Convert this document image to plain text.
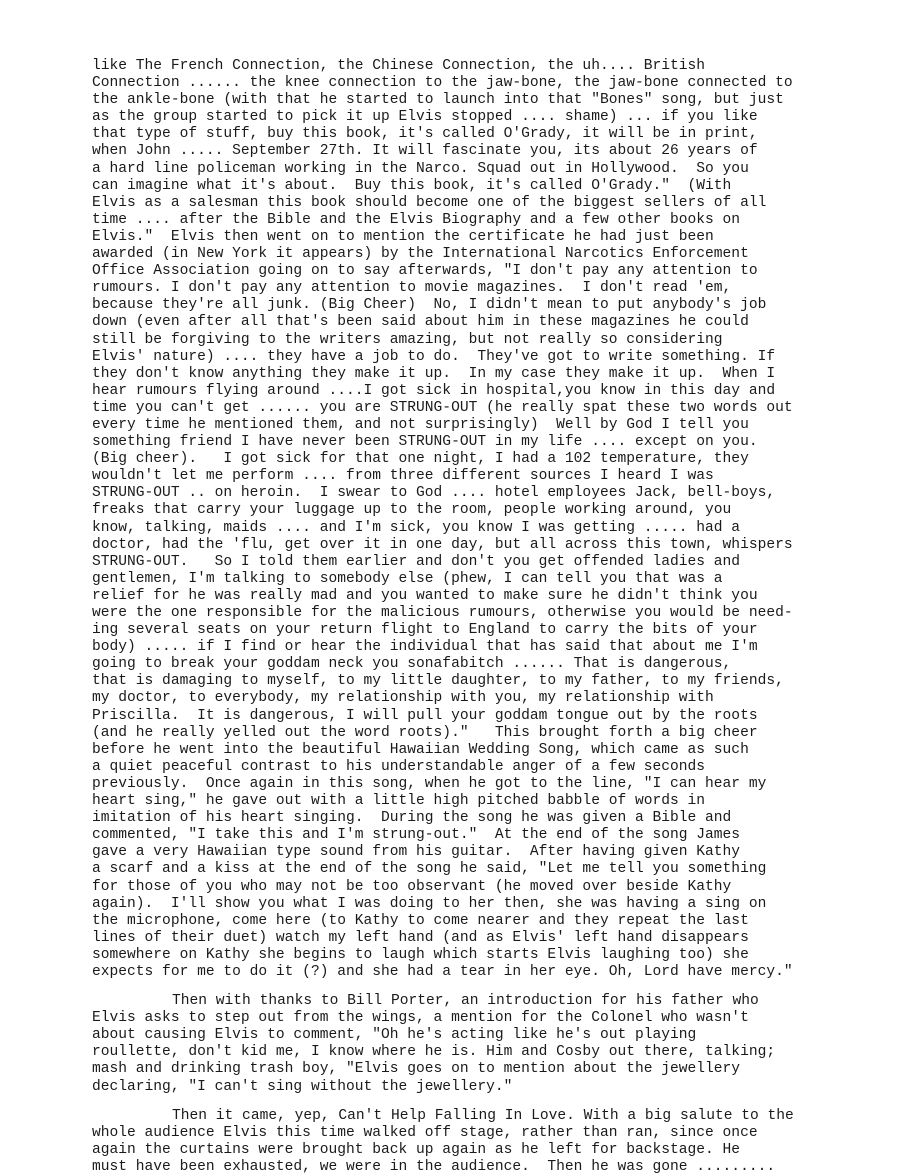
like The French Connection, the Chinese Connection, the uh.... British
Connection ...... the knee connection to the jaw-bone, the jaw-bone connected to
the ankle-bone (with that he started to launch into that "Bones" song, but just
as the group started to pick it up Elvis stopped .... shame) ... if you like
that type of stuff, buy this book, it's called O'Grady, it will be in print,
when John ..... September 27th. It will fascinate you, its about 26 years of
a hard line policeman working in the Narco. Squad out in Hollywood.  So you
can imagine what it's about.  Buy this book, it's called O'Grady."  (With
Elvis as a salesman this book should become one of the biggest sellers of all
time .... after the Bible and the Elvis Biography and a few other books on
Elvis."  Elvis then went on to mention the certificate he had just been
awarded (in New York it appears) by the International Narcotics Enforcement
Office Association going on to say afterwards, "I don't pay any attention to
rumours. I don't pay any attention to movie magazines.  I don't read 'em,
because they're all junk. (Big Cheer)  No, I didn't mean to put anybody's job
down (even after all that's been said about him in these magazines he could
still be forgiving to the writers amazing, but not really so considering
Elvis' nature) .... they have a job to do.  They've got to write something. If
they don't know anything they make it up.  In my case they make it up.  When I
hear rumours flying around ....I got sick in hospital,you know in this day and
time you can't get ...... you are STRUNG-OUT (he really spat these two words out
every time he mentioned them, and not surprisingly)  Well by God I tell you
something friend I have never been STRUNG-OUT in my life .... except on you.
(Big cheer).   I got sick for that one night, I had a 102 temperature, they
wouldn't let me perform .... from three different sources I heard I was
STRUNG-OUT .. on heroin.  I swear to God .... hotel employees Jack, bell-boys,
freaks that carry your luggage up to the room, people working around, you
know, talking, maids .... and I'm sick, you know I was getting ..... had a
doctor, had the 'flu, get over it in one day, but all across this town, whispers
STRUNG-OUT.   So I told them earlier and don't you get offended ladies and
gentlemen, I'm talking to somebody else (phew, I can tell you that was a
relief for he was really mad and you wanted to make sure he didn't think you
were the one responsible for the malicious rumours, otherwise you would be need-
ing several seats on your return flight to England to carry the bits of your
body) ..... if I find or hear the individual that has said that about me I'm
going to break your goddam neck you sonafabitch ...... That is dangerous,
that is damaging to myself, to my little daughter, to my father, to my friends,
my doctor, to everybody, my relationship with you, my relationship with
Priscilla.  It is dangerous, I will pull your goddam tongue out by the roots
(and he really yelled out the word roots)."   This brought forth a big cheer
before he went into the beautiful Hawaiian Wedding Song, which came as such
a quiet peaceful contrast to his understandable anger of a few seconds
previously.  Once again in this song, when he got to the line, "I can hear my
heart sing," he gave out with a little high pitched babble of words in
imitation of his heart singing.  During the song he was given a Bible and
commented, "I take this and I'm strung-out."  At the end of the song James
gave a very Hawaiian type sound from his guitar.  After having given Kathy
a scarf and a kiss at the end of the song he said, "Let me tell you something
for those of you who may not be too observant (he moved over beside Kathy
again).  I'll show you what I was doing to her then, she was having a sing on
the microphone, come here (to Kathy to come nearer and they repeat the last
lines of their duet) watch my left hand (and as Elvis' left hand disappears
somewhere on Kathy she begins to laugh which starts Elvis laughing too) she
expects for me to do it (?) and she had a tear in her eye. Oh, Lord have mercy."
Then with thanks to Bill Porter, an introduction for his father who
Elvis asks to step out from the wings, a mention for the Colonel who wasn't
about causing Elvis to comment, "Oh he's acting like he's out playing
roullette, don't kid me, I know where he is. Him and Cosby out there, talking;
mash and drinking trash boy, "Elvis goes on to mention about the jewellery
declaring, "I can't sing without the jewellery."
Then it came, yep, Can't Help Falling In Love. With a big salute to the
whole audience Elvis this time walked off stage, rather than ran, since once
again the curtains were brought back up again as he left for backstage. He
must have been exhausted, we were in the audience.  Then he was gone .........
